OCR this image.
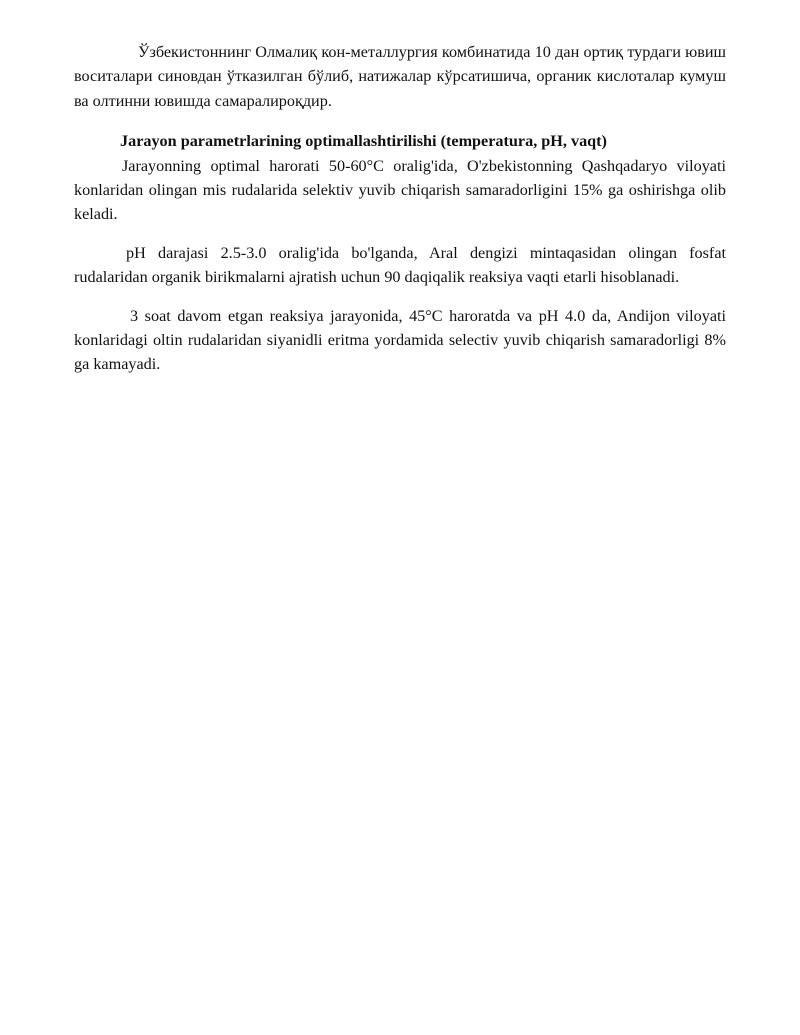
Ўзбекистоннинг Олмалиқ кон-металлургия комбинатида 10 дан ортиқ турдаги ювиш воситалари синовдан ўтказилган бўлиб, натижалар кўрсатишича, органик кислоталар кумуш ва олтинни ювишда самаралироқдир.

Jarayon parametrlarining optimallashtirilishi (temperatura, pH, vaqt)

Jarayonning optimal harorati 50-60°C oralig'ida, O'zbekistonning Qashqadaryo viloyati konlaridan olingan mis rudalarida selektiv yuvib chiqarish samaradorligini 15% ga oshirishga olib keladi.

pH darajasi 2.5-3.0 oralig'ida bo'lganda, Aral dengizi mintaqasidan olingan fosfat rudalaridan organik birikmalarni ajratish uchun 90 daqiqalik reaksiya vaqti etarli hisoblanadi.

3 soat davom etgan reaksiya jarayonida, 45°C haroratda va pH 4.0 da, Andijon viloyati konlaridagi oltin rudalaridan siyanidli eritma yordamida selectiv yuvib chiqarish samaradorligi 8% ga kamayadi.
